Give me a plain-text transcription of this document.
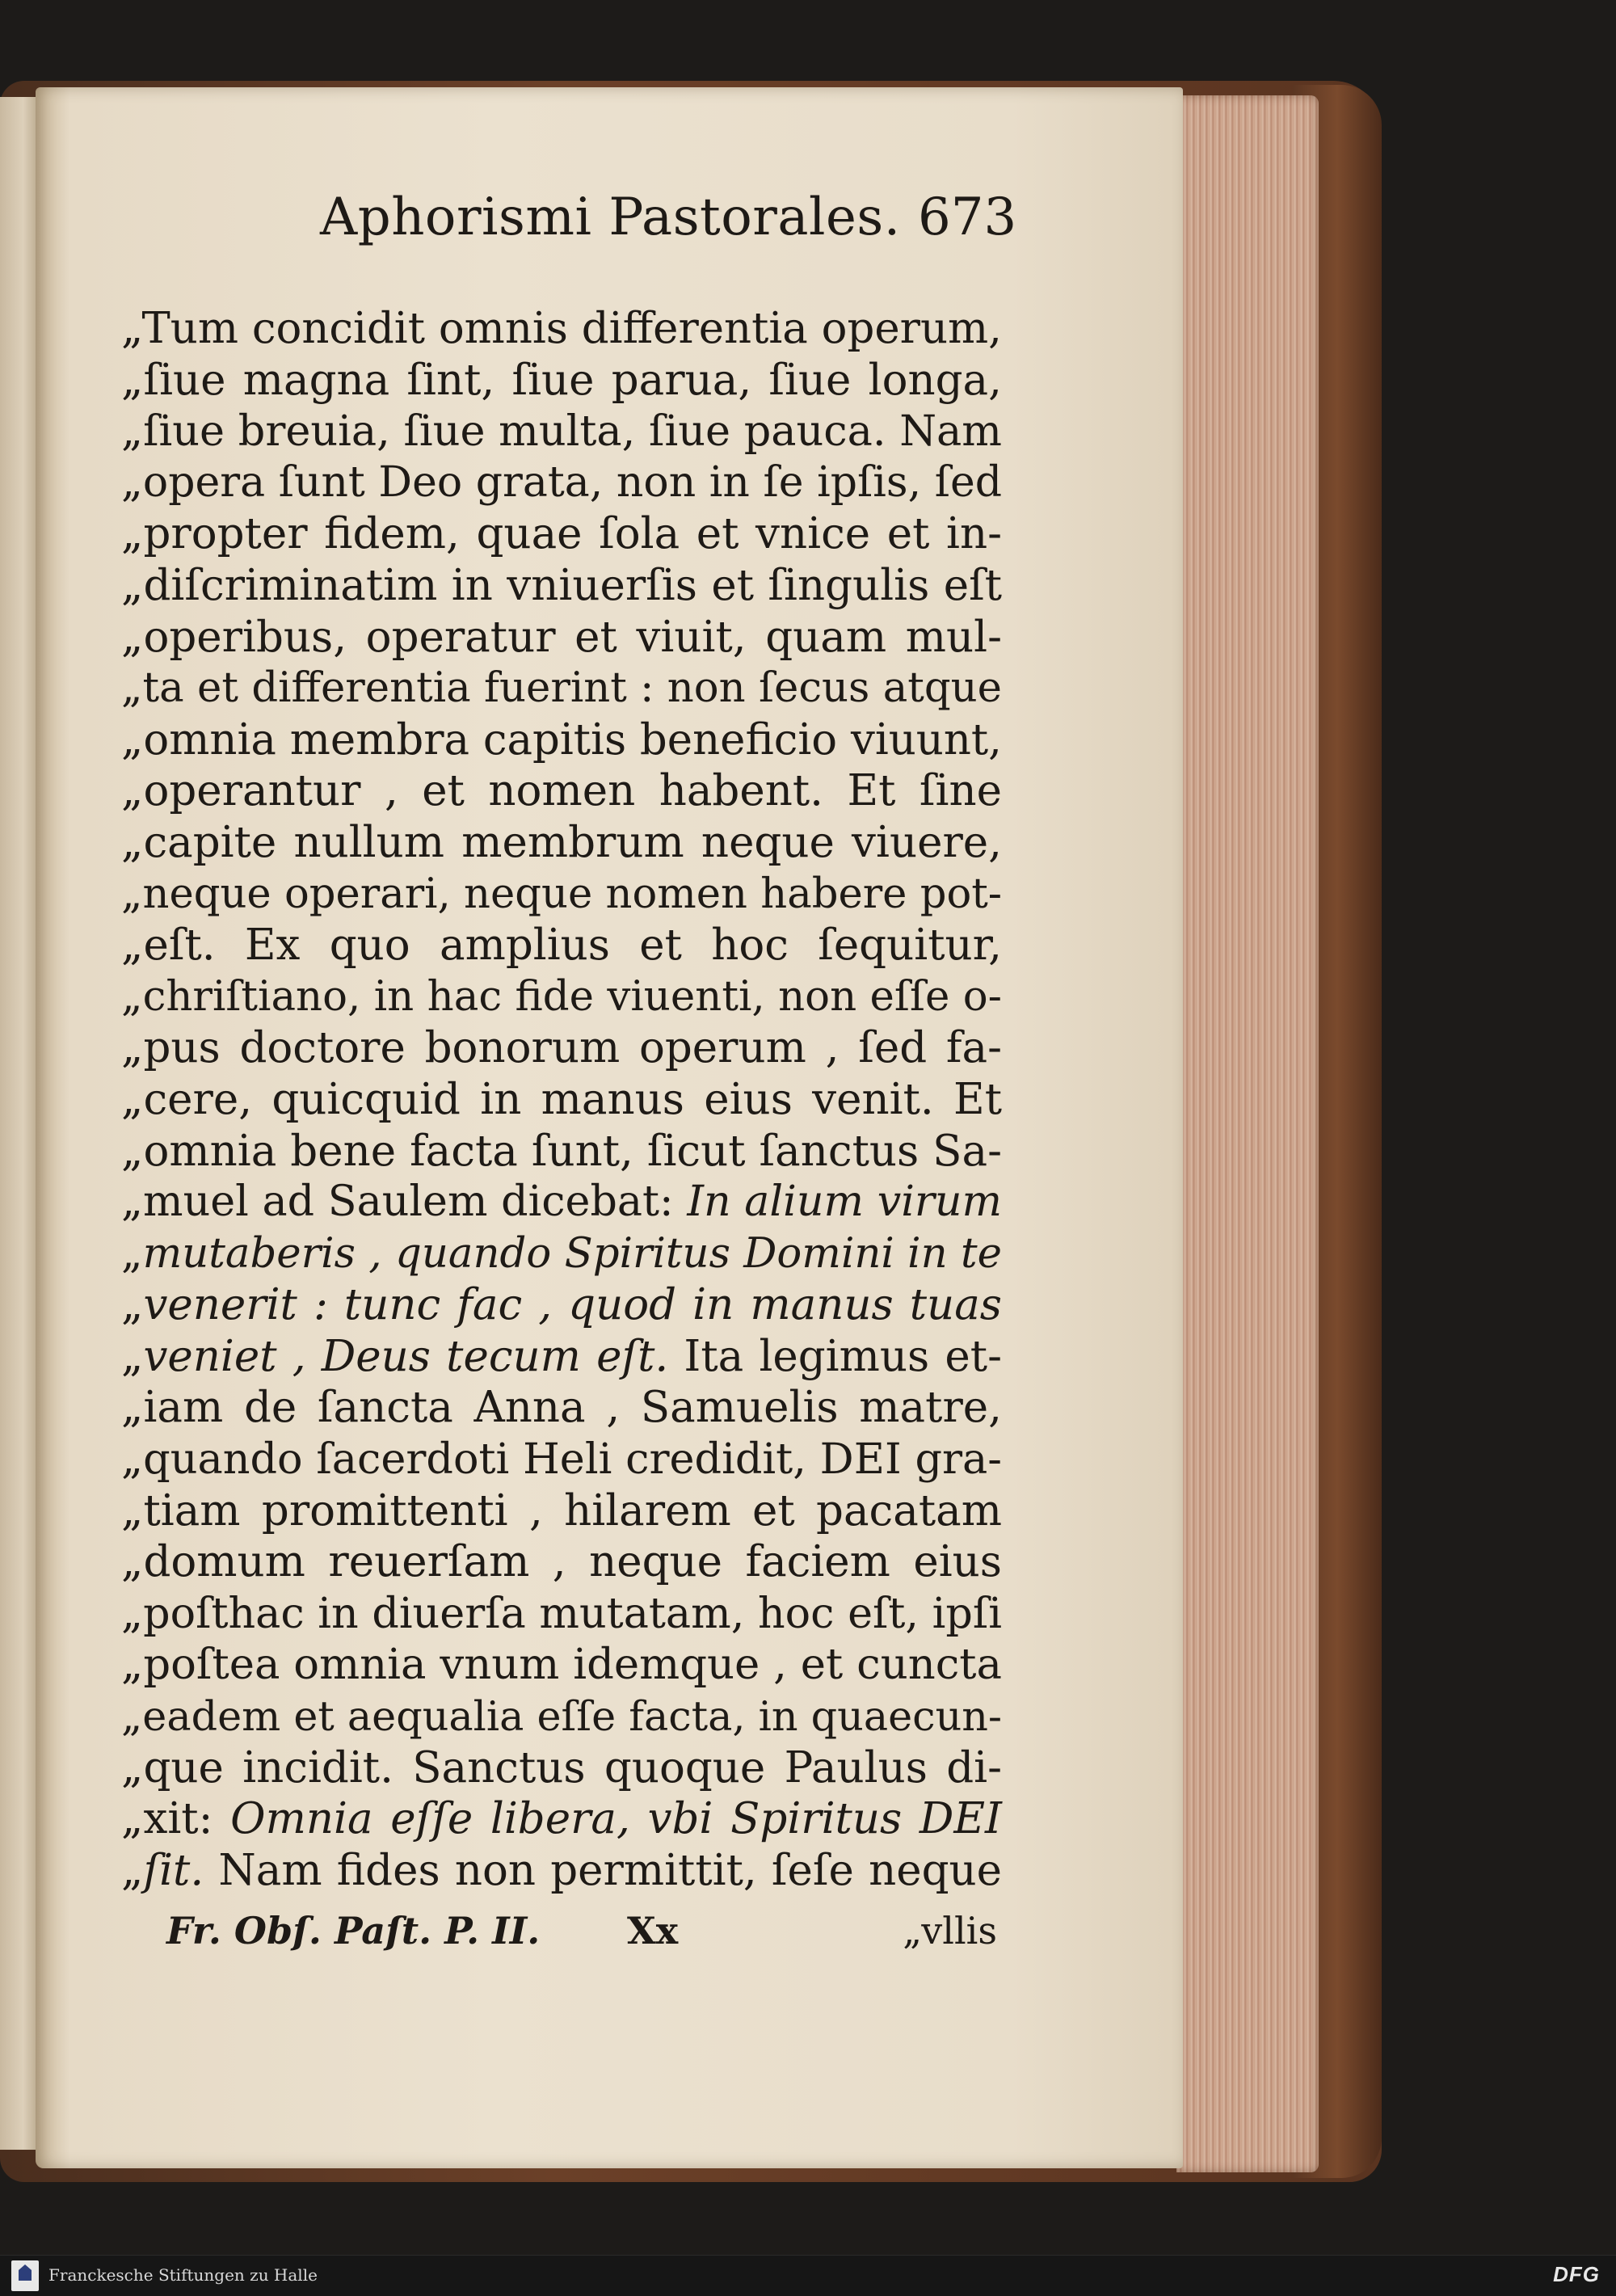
Aphorismi Pastorales. 673
„Tum concidit omnis differentia operum,
„ſiue magna ſint, ſiue parua, ſiue longa,
„ſiue breuia, ſiue multa, ſiue pauca. Nam
„opera ſunt Deo grata, non in ſe ipſis, ſed
„propter fidem, quae ſola et vnice et in-
„diſcriminatim in vniuerſis et ſingulis eſt
„operibus, operatur et viuit, quam mul-
„ta et differentia fuerint : non ſecus atque
„omnia membra capitis beneficio viuunt,
„operantur , et nomen habent. Et ſine
„capite nullum membrum neque viuere,
„neque operari, neque nomen habere pot-
„eſt. Ex quo amplius et hoc ſequitur,
„chriſtiano, in hac fide viuenti, non eſſe o-
„pus doctore bonorum operum , ſed fa-
„cere, quicquid in manus eius venit. Et
„omnia bene facta ſunt, ſicut ſanctus Sa-
„muel ad Saulem dicebat: In alium virum
„mutaberis , quando Spiritus Domini in te
„venerit : tunc fac , quod in manus tuas
„veniet , Deus tecum eſt. Ita legimus et-
„iam de ſancta Anna , Samuelis matre,
„quando ſacerdoti Heli credidit, DEI gra-
„tiam promittenti , hilarem et pacatam
„domum reuerſam , neque faciem eius
„poſthac in diuerſa mutatam, hoc eſt, ipſi
„poſtea omnia vnum idemque , et cuncta
„eadem et aequalia eſſe facta, in quaecun-
„que incidit. Sanctus quoque Paulus di-
„xit: Omnia eſſe libera, vbi Spiritus DEI
„ſit. Nam fides non permittit, ſeſe neque
Fr. Obſ. Paſt. P. II. Xx	„vllis
Franckesche Stiftungen zu Halle	DFG
